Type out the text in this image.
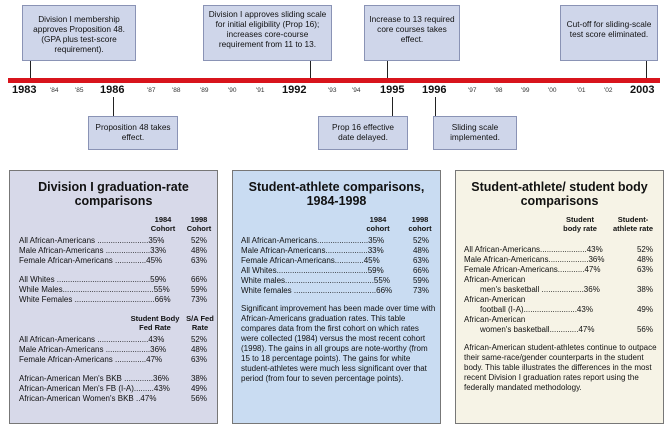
Division I membership approves Proposition 48. (GPA plus test-score requirement).
Division I approves sliding scale for initial eligibility (Prop 16); increases core-course requirement from 11 to 13.
Increase to 13 required core courses takes effect.
Cut-off for sliding-scale test score eliminated.
1983 '84	'85 1986	'87	'88	'89	'90	'91 1992	'93 '94 1995 1996	'97	'98	'99	'00	'01	'02 2003
Proposition 48 takes effect.
Prop 16 effective date delayed.
Sliding scale implemented.
Division I graduation-rate comparisons
1984 Cohort
1998 Cohort
All African-Americans .......................35%	52%
Male African-Americans ....................33%	48%
Female African-Americans ..............45%	63%
All Whites ..........................................59%	66%
While Males.........................................55%	59%
White Females ....................................66%	73%
Student Body Fed Rate
S/A Fed Rate
All African-Americans .......................43%	52%
Male African-Americans ....................36%	48%
Female African-Americans ..............47%	63%
African-American Men's BKB .............36%	38%
African-American Men's FB (I-A).........43%	49%
African-American Women's BKB ..47%	56%
Student-athlete comparisons, 1984-1998
1984 cohort
1998 cohort
All African-Americans.......................35%	52%
Male African-Americans...................33%	48%
Female African-Americans.............45%	63%
All Whites.........................................59%	66%
White males........................................55%	59%
White females .....................................66%	73%
Significant improvement has been made over time with African-Americans graduation rates. This table compares data from the first cohort on which rates were collected (1984) versus the most recent cohort (1998). The gains in all groups are note-worthy (from 15 to 18 percentage points). The gains for white student-athletes were much less significant over that period (from four to seven percentage points).
Student-athlete/ student body comparisons
Student body rate
Student-athlete rate
All African-Americans.....................43%	52%
Male African-Americans..................36%	48%
Female African-Americans............47%	63%
African-American
men's basketball ...................36%	38%
African-American
football (I-A)........................43%	49%
African-American
women's basketball.............47%	56%
African-American student-athletes continue to outpace their same-race/gender counterparts in the student body. This table illustrates the differences in the most recent Division I graduation rates report using the federally mandated methodology.
